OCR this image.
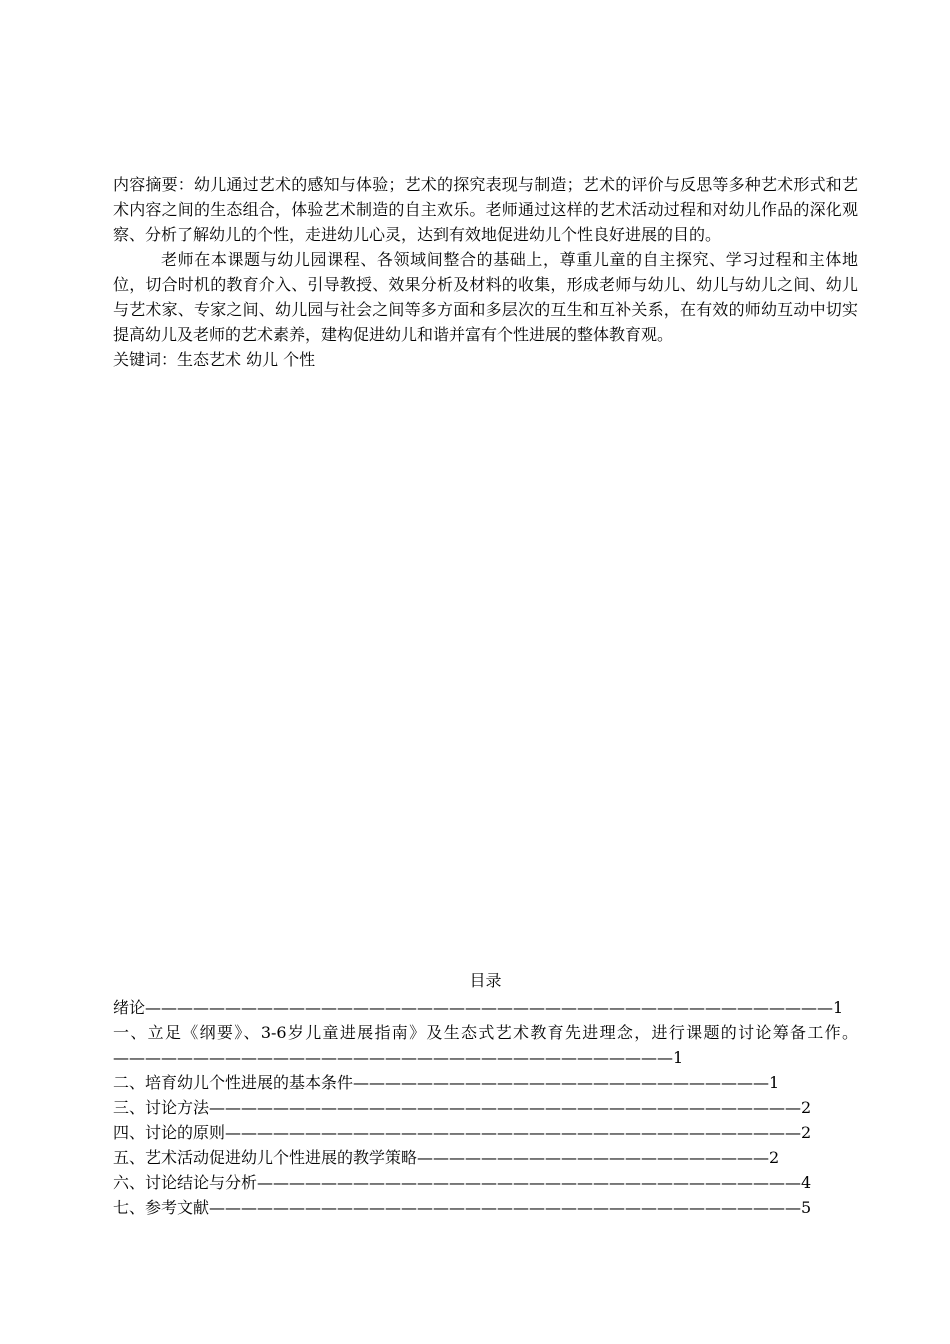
内容摘要：幼儿通过艺术的感知与体验；艺术的探究表现与制造；艺术的评价与反思等多种艺术形式和艺术内容之间的生态组合，体验艺术制造的自主欢乐。老师通过这样的艺术活动过程和对幼儿作品的深化观察、分析了解幼儿的个性，走进幼儿心灵，达到有效地促进幼儿个性良好进展的目的。

老师在本课题与幼儿园课程、各领域间整合的基础上，尊重儿童的自主探究、学习过程和主体地位，切合时机的教育介入、引导教授、效果分析及材料的收集，形成老师与幼儿、幼儿与幼儿之间、幼儿与艺术家、专家之间、幼儿园与社会之间等多方面和多层次的互生和互补关系，在有效的师幼互动中切实提高幼儿及老师的艺术素养，建构促进幼儿和谐并富有个性进展的整体教育观。

关键词：生态艺术 幼儿 个性

目录

绪论———————————————————————————————————————————1

一、立足《纲要》、3-6岁儿童进展指南》及生态式艺术教育先进理念，进行课题的讨论筹备工作。———————————————————————————————————1

二、培育幼儿个性进展的基本条件——————————————————————————1

三、讨论方法—————————————————————————————————————2

四、讨论的原则————————————————————————————————————2

五、艺术活动促进幼儿个性进展的教学策略——————————————————————2

六、讨论结论与分析——————————————————————————————————4

七、参考文献—————————————————————————————————————5
